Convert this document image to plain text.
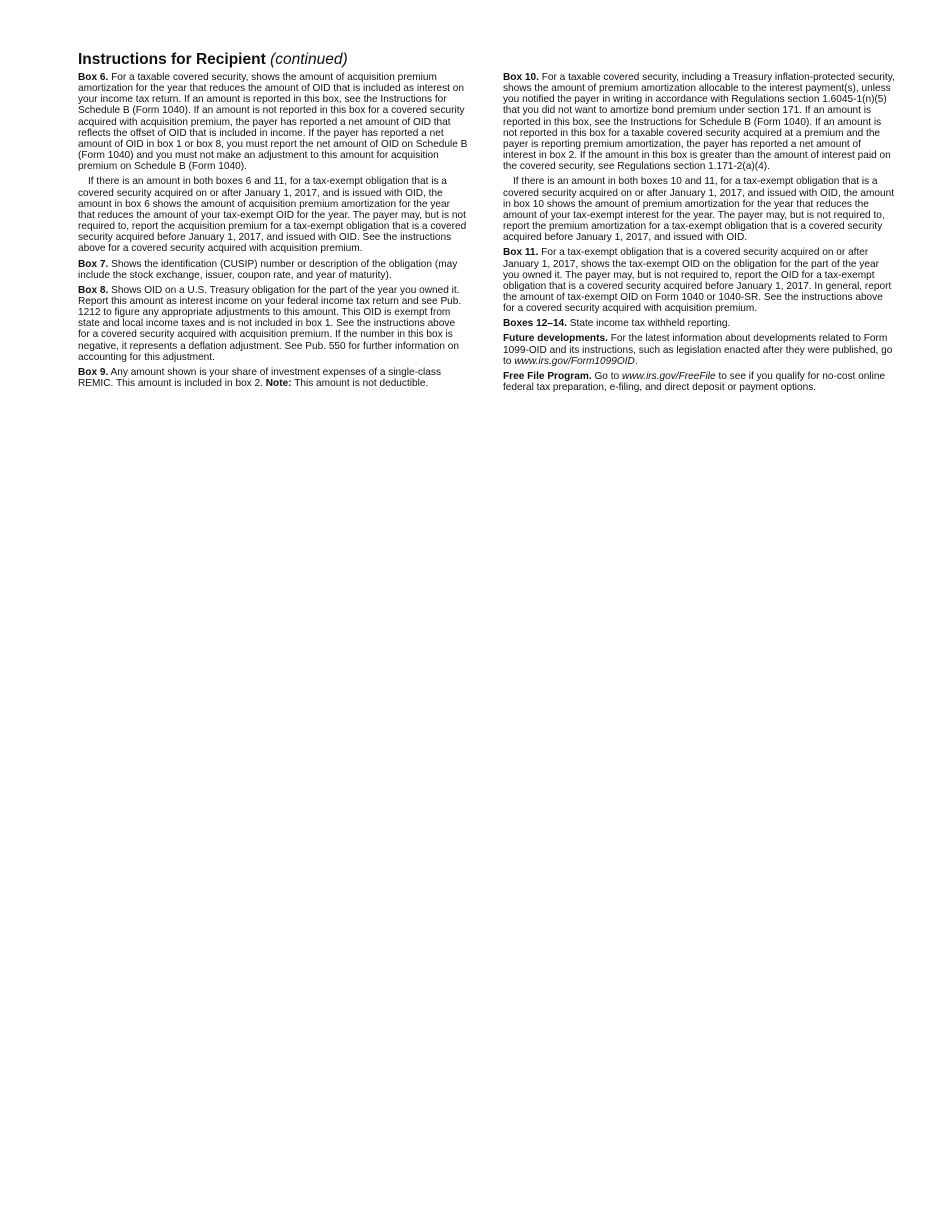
Instructions for Recipient (continued)

Box 6. For a taxable covered security, shows the amount of acquisition premium amortization for the year that reduces the amount of OID that is included as interest on your income tax return. If an amount is reported in this box, see the Instructions for Schedule B (Form 1040). If an amount is not reported in this box for a covered security acquired with acquisition premium, the payer has reported a net amount of OID that reflects the offset of OID that is included in income. If the payer has reported a net amount of OID in box 1 or box 8, you must report the net amount of OID on Schedule B (Form 1040) and you must not make an adjustment to this amount for acquisition premium on Schedule B (Form 1040).

If there is an amount in both boxes 6 and 11, for a tax-exempt obligation that is a covered security acquired on or after January 1, 2017, and is issued with OID, the amount in box 6 shows the amount of acquisition premium amortization for the year that reduces the amount of your tax-exempt OID for the year. The payer may, but is not required to, report the acquisition premium for a tax-exempt obligation that is a covered security acquired before January 1, 2017, and issued with OID. See the instructions above for a covered security acquired with acquisition premium.

Box 7. Shows the identification (CUSIP) number or description of the obligation (may include the stock exchange, issuer, coupon rate, and year of maturity).

Box 8. Shows OID on a U.S. Treasury obligation for the part of the year you owned it. Report this amount as interest income on your federal income tax return and see Pub. 1212 to figure any appropriate adjustments to this amount. This OID is exempt from state and local income taxes and is not included in box 1. See the instructions above for a covered security acquired with acquisition premium. If the number in this box is negative, it represents a deflation adjustment. See Pub. 550 for further information on accounting for this adjustment.

Box 9. Any amount shown is your share of investment expenses of a single-class REMIC. This amount is included in box 2. Note: This amount is not deductible.

Box 10. For a taxable covered security, including a Treasury inflation-protected security, shows the amount of premium amortization allocable to the interest payment(s), unless you notified the payer in writing in accordance with Regulations section 1.6045-1(n)(5) that you did not want to amortize bond premium under section 171. If an amount is reported in this box, see the Instructions for Schedule B (Form 1040). If an amount is not reported in this box for a taxable covered security acquired at a premium and the payer is reporting premium amortization, the payer has reported a net amount of interest in box 2. If the amount in this box is greater than the amount of interest paid on the covered security, see Regulations section 1.171-2(a)(4).

If there is an amount in both boxes 10 and 11, for a tax-exempt obligation that is a covered security acquired on or after January 1, 2017, and issued with OID, the amount in box 10 shows the amount of premium amortization for the year that reduces the amount of your tax-exempt interest for the year. The payer may, but is not required to, report the premium amortization for a tax-exempt obligation that is a covered security acquired before January 1, 2017, and issued with OID.

Box 11. For a tax-exempt obligation that is a covered security acquired on or after January 1, 2017, shows the tax-exempt OID on the obligation for the part of the year you owned it. The payer may, but is not required to, report the OID for a tax-exempt obligation that is a covered security acquired before January 1, 2017. In general, report the amount of tax-exempt OID on Form 1040 or 1040-SR. See the instructions above for a covered security acquired with acquisition premium.

Boxes 12–14. State income tax withheld reporting.

Future developments. For the latest information about developments related to Form 1099-OID and its instructions, such as legislation enacted after they were published, go to www.irs.gov/Form1099OID.

Free File Program. Go to www.irs.gov/FreeFile to see if you qualify for no-cost online federal tax preparation, e-filing, and direct deposit or payment options.
